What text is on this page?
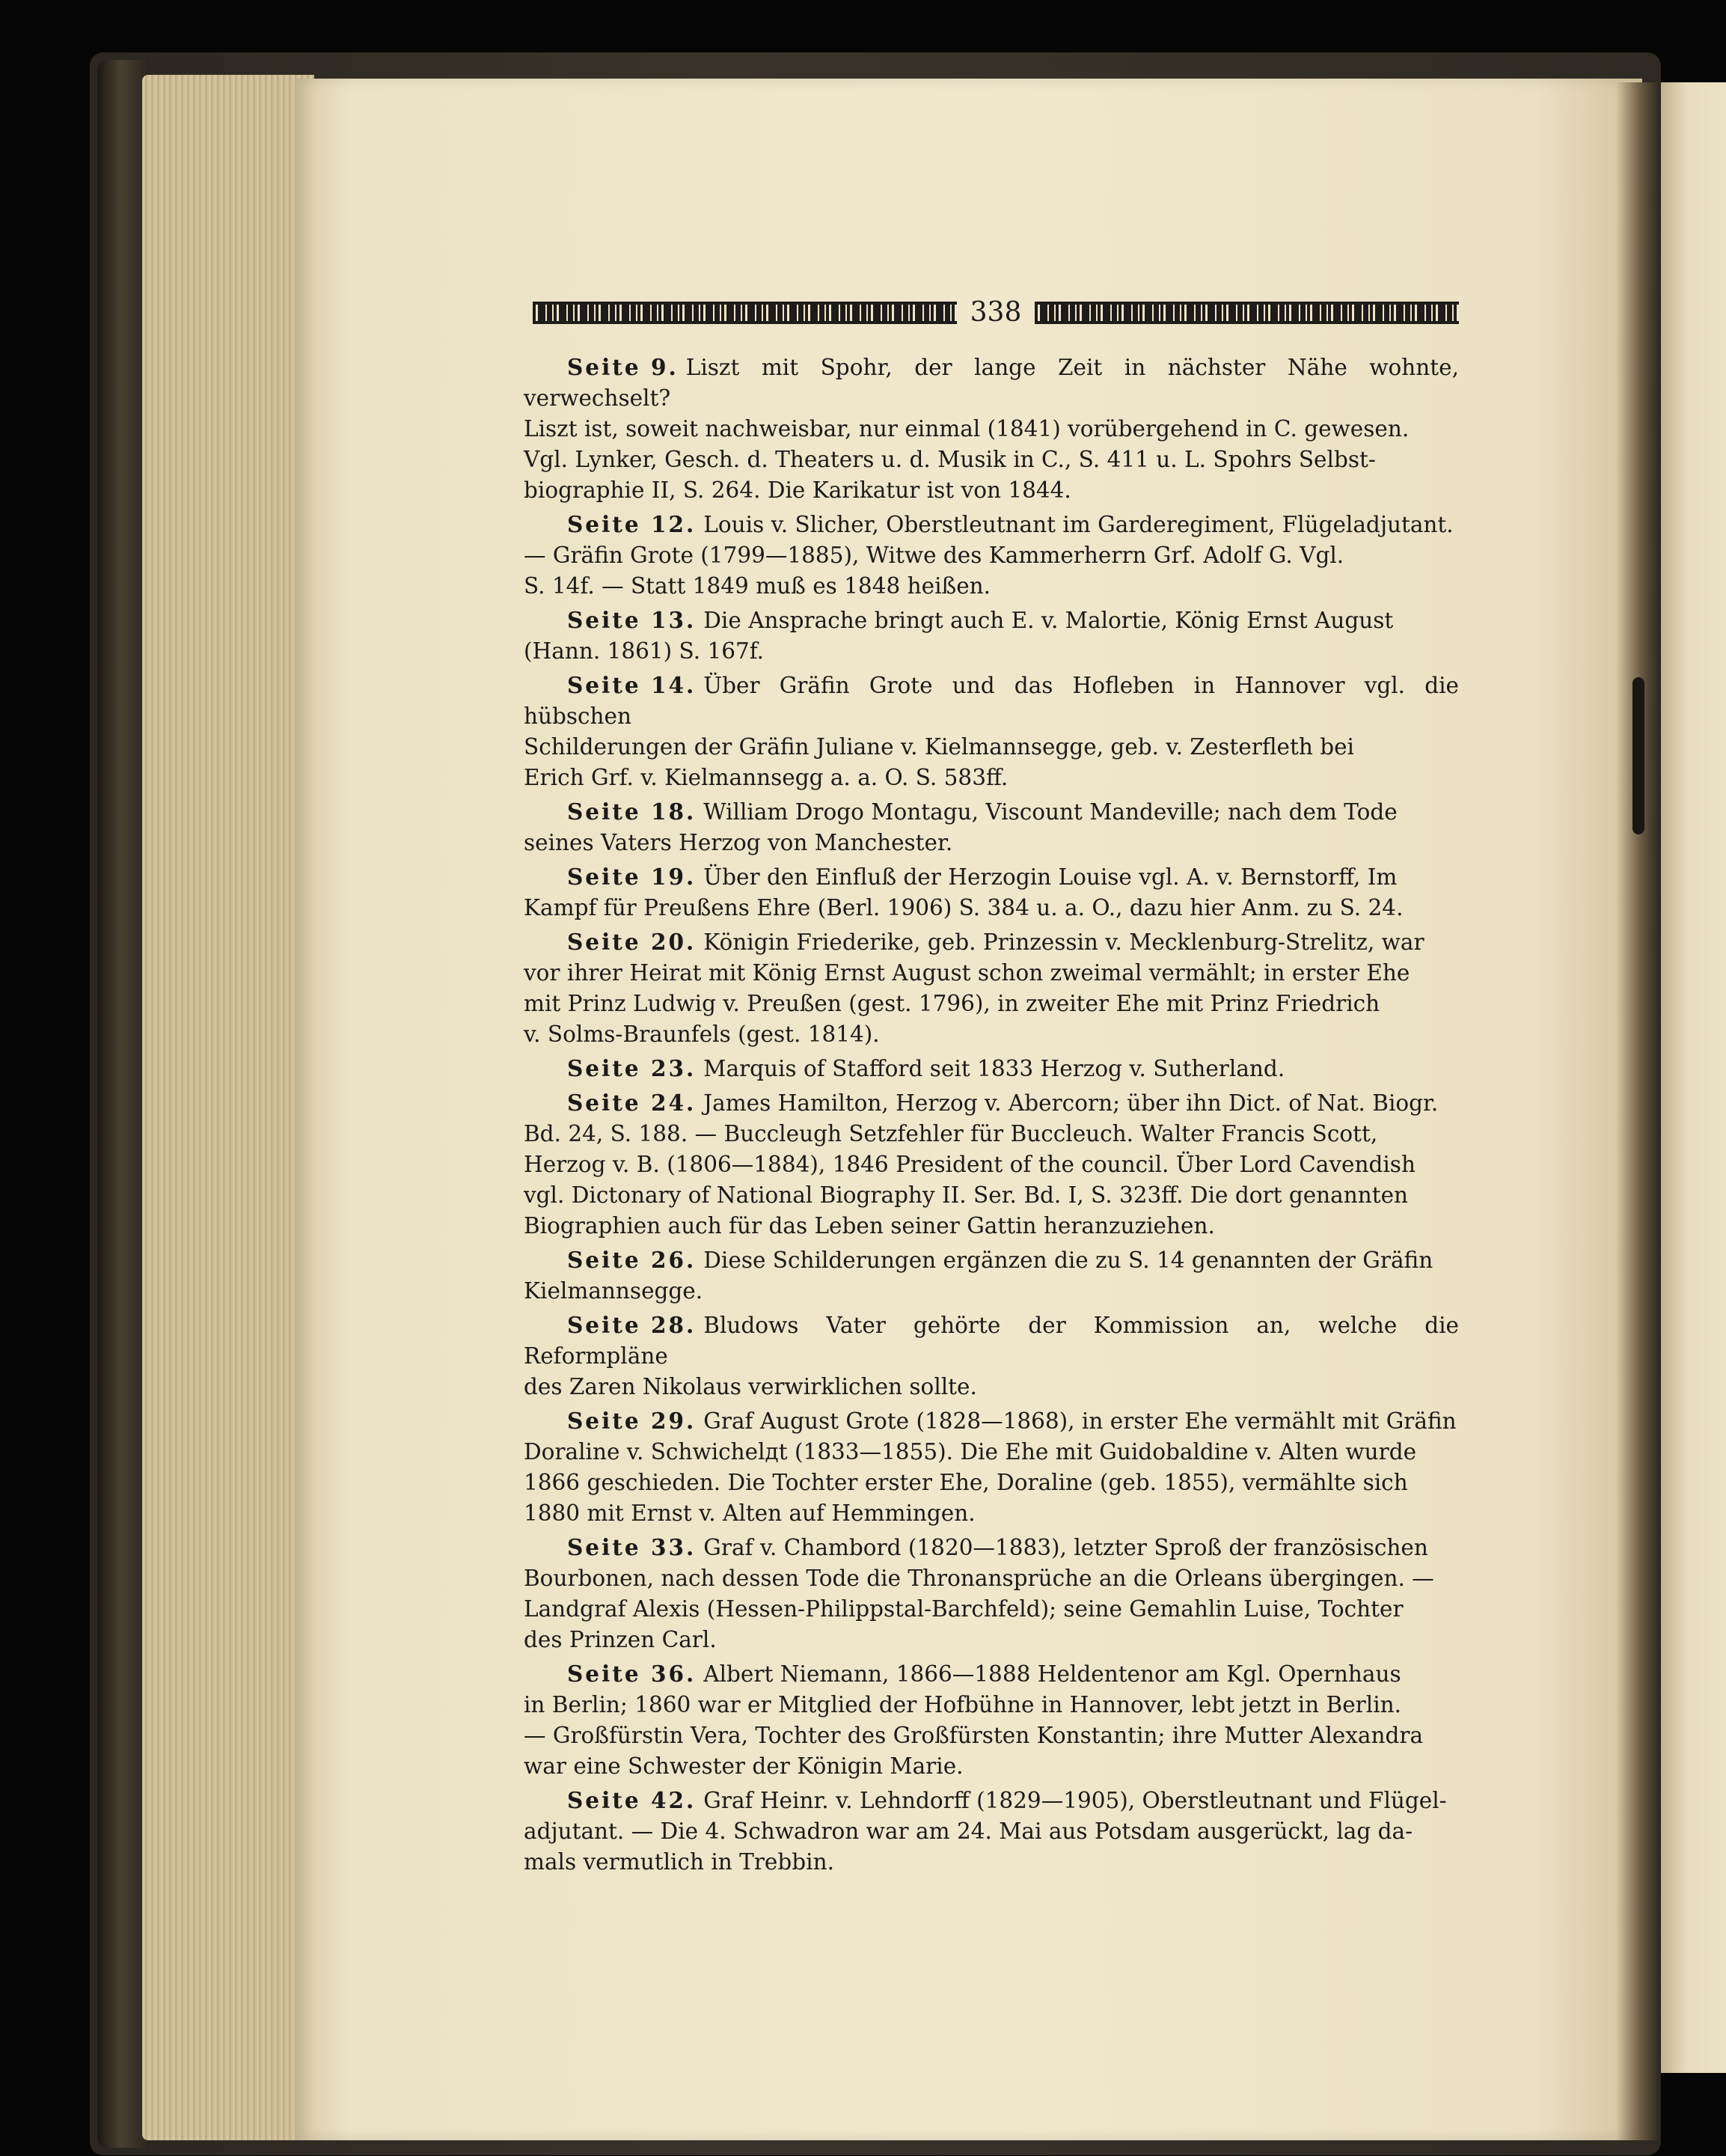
338

Seite 9. Liszt mit Spohr, der lange Zeit in nächster Nähe wohnte, verwechselt?
Liszt ist, soweit nachweisbar, nur einmal (1841) vorübergehend in C. gewesen.
Vgl. Lynker, Gesch. d. Theaters u. d. Musik in C., S. 411 u. L. Spohrs Selbst-
biographie II, S. 264. Die Karikatur ist von 1844.

Seite 12. Louis v. Slicher, Oberstleutnant im Garderegiment, Flügeladjutant.
— Gräfin Grote (1799—1885), Witwe des Kammerherrn Grf. Adolf G. Vgl.
S. 14f. — Statt 1849 muß es 1848 heißen.

Seite 13. Die Ansprache bringt auch E. v. Malortie, König Ernst August
(Hann. 1861) S. 167f.

Seite 14. Über Gräfin Grote und das Hofleben in Hannover vgl. die hübschen
Schilderungen der Gräfin Juliane v. Kielmannsegge, geb. v. Zesterfleth bei
Erich Grf. v. Kielmannsegg a. a. O. S. 583ff.

Seite 18. William Drogo Montagu, Viscount Mandeville; nach dem Tode
seines Vaters Herzog von Manchester.

Seite 19. Über den Einfluß der Herzogin Louise vgl. A. v. Bernstorff, Im
Kampf für Preußens Ehre (Berl. 1906) S. 384 u. a. O., dazu hier Anm. zu S. 24.

Seite 20. Königin Friederike, geb. Prinzessin v. Mecklenburg-Strelitz, war
vor ihrer Heirat mit König Ernst August schon zweimal vermählt; in erster Ehe
mit Prinz Ludwig v. Preußen (gest. 1796), in zweiter Ehe mit Prinz Friedrich
v. Solms-Braunfels (gest. 1814).

Seite 23. Marquis of Stafford seit 1833 Herzog v. Sutherland.

Seite 24. James Hamilton, Herzog v. Abercorn; über ihn Dict. of Nat. Biogr.
Bd. 24, S. 188. — Buccleugh Setzfehler für Buccleuch. Walter Francis Scott,
Herzog v. B. (1806—1884), 1846 President of the council. Über Lord Cavendish
vgl. Dictonary of National Biography II. Ser. Bd. I, S. 323ff. Die dort genannten
Biographien auch für das Leben seiner Gattin heranzuziehen.

Seite 26. Diese Schilderungen ergänzen die zu S. 14 genannten der Gräfin
Kielmannsegge.

Seite 28. Bludows Vater gehörte der Kommission an, welche die Reformpläne
des Zaren Nikolaus verwirklichen sollte.

Seite 29. Graf August Grote (1828—1868), in erster Ehe vermählt mit Gräfin
Doraline v. Schwichelдt (1833—1855). Die Ehe mit Guidobaldine v. Alten wurde
1866 geschieden. Die Tochter erster Ehe, Doraline (geb. 1855), vermählte sich
1880 mit Ernst v. Alten auf Hemmingen.

Seite 33. Graf v. Chambord (1820—1883), letzter Sproß der französischen
Bourbonen, nach dessen Tode die Thronansprüche an die Orleans übergingen. —
Landgraf Alexis (Hessen-Philippstal-Barchfeld); seine Gemahlin Luise, Tochter
des Prinzen Carl.

Seite 36. Albert Niemann, 1866—1888 Heldentenor am Kgl. Opernhaus
in Berlin; 1860 war er Mitglied der Hofbühne in Hannover, lebt jetzt in Berlin.
— Großfürstin Vera, Tochter des Großfürsten Konstantin; ihre Mutter Alexandra
war eine Schwester der Königin Marie.

Seite 42. Graf Heinr. v. Lehndorff (1829—1905), Oberstleutnant und Flügel-
adjutant. — Die 4. Schwadron war am 24. Mai aus Potsdam ausgerückt, lag da-
mals vermutlich in Trebbin.
